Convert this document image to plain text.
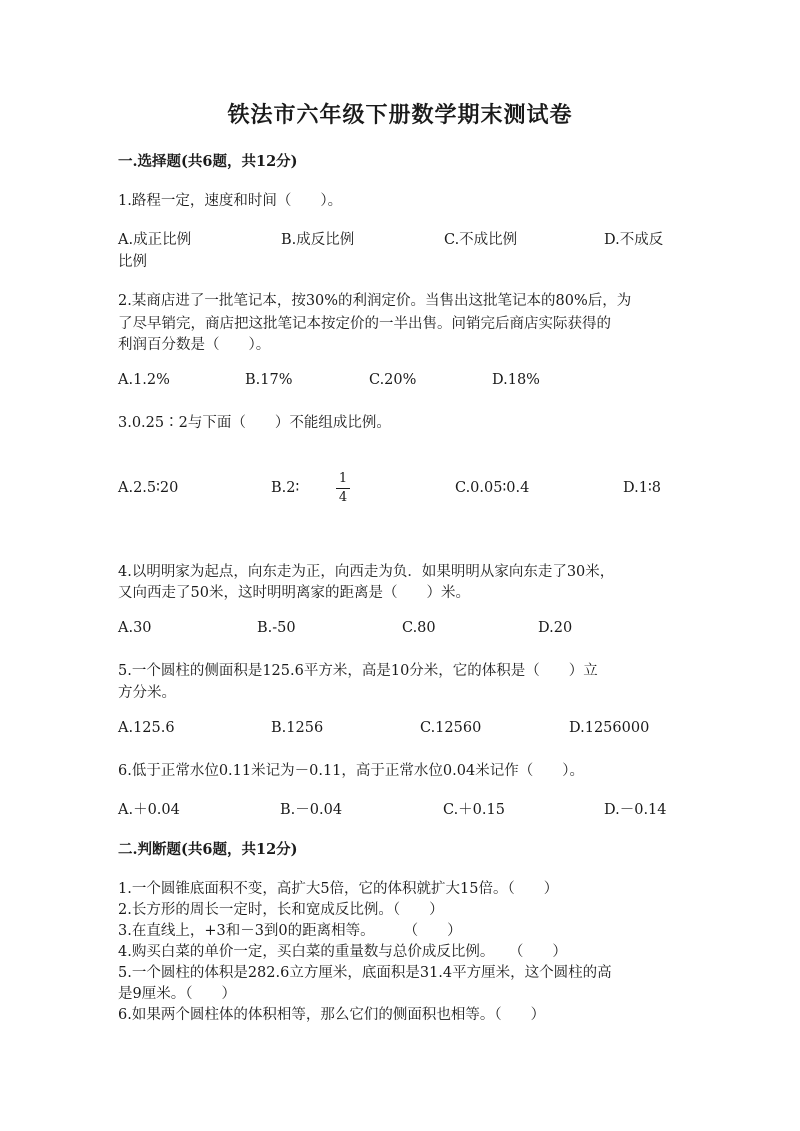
铁法市六年级下册数学期末测试卷
一.选择题(共6题，共12分)
1.路程一定，速度和时间（　　）。
A.成正比例	B.成反比例	C.不成比例	D.不成反
比例
2.某商店进了一批笔记本，按30%的利润定价。当售出这批笔记本的80%后，为
了尽早销完，商店把这批笔记本按定价的一半出售。问销完后商店实际获得的
利润百分数是（　　）。
A.1.2%	B.17%	C.20%	D.18%
3.0.25∶2与下面（　　）不能组成比例。
A.2.5∶20	B.2∶
1
4
C.0.05∶0.4	D.1∶8
4.以明明家为起点，向东走为正，向西走为负．如果明明从家向东走了30米，
又向西走了50米，这时明明离家的距离是（　　）米。
A.30	B.-50	C.80	D.20
5.一个圆柱的侧面积是125.6平方米，高是10分米，它的体积是（　　）立
方分米。
A.125.6	B.1256	C.12560	D.1256000
6.低于正常水位0.11米记为－0.11，高于正常水位0.04米记作（　　）。
A.＋0.04	B.－0.04	C.＋0.15	D.－0.14
二.判断题(共6题，共12分)
1.一个圆锥底面积不变，高扩大5倍，它的体积就扩大15倍。（　　）
2.长方形的周长一定时，长和宽成反比例。（　　）
3.在直线上，+3和－3到0的距离相等。　　　（　　）
4.购买白菜的单价一定，买白菜的重量数与总价成反比例。　　（　　）
5.一个圆柱的体积是282.6立方厘米，底面积是31.4平方厘米，这个圆柱的高
是9厘米。（　　）
6.如果两个圆柱体的体积相等，那么它们的侧面积也相等。（　　）
